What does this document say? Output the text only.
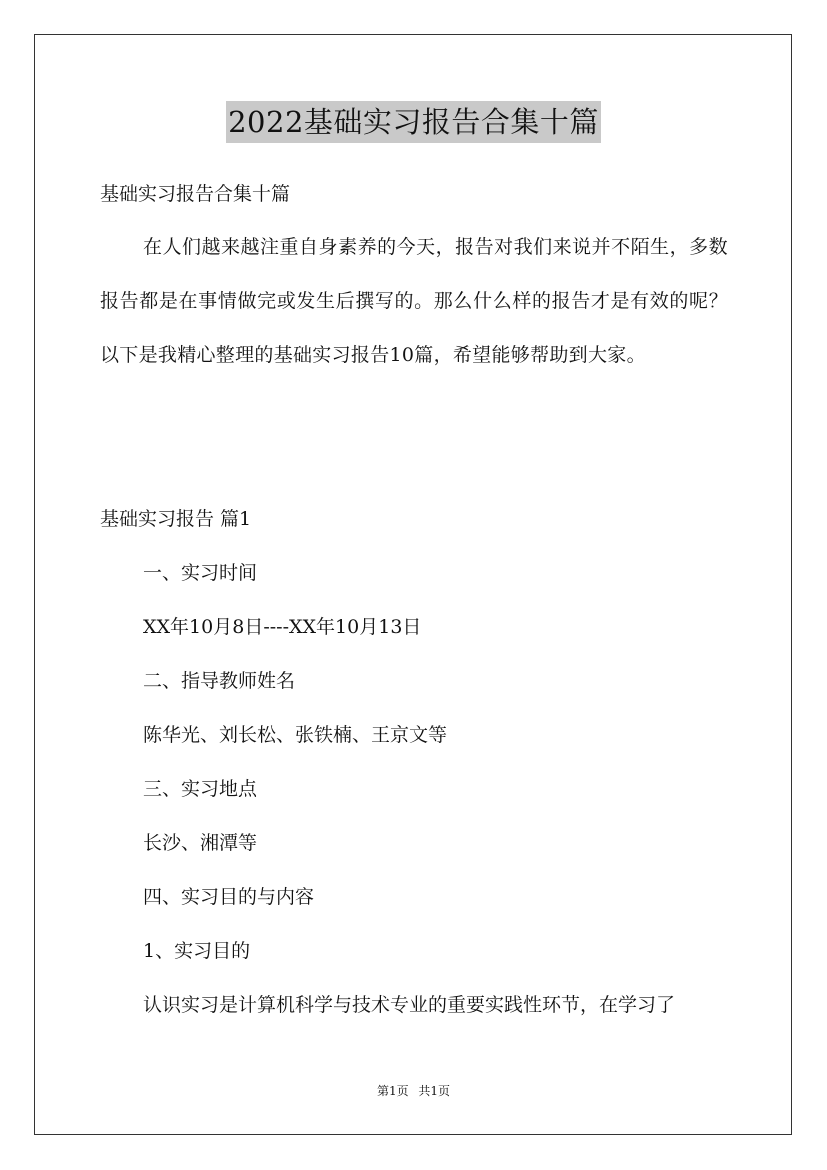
2022基础实习报告合集十篇
基础实习报告合集十篇
在人们越来越注重自身素养的今天，报告对我们来说并不陌生，多数报告都是在事情做完或发生后撰写的。那么什么样的报告才是有效的呢？以下是我精心整理的基础实习报告10篇，希望能够帮助到大家。
基础实习报告 篇1
一、实习时间
XX年10月8日----XX年10月13日
二、指导教师姓名
陈华光、刘长松、张铁楠、王京文等
三、实习地点
长沙、湘潭等
四、实习目的与内容
1、实习目的
认识实习是计算机科学与技术专业的重要实践性环节，在学习了
第1页 共1页
